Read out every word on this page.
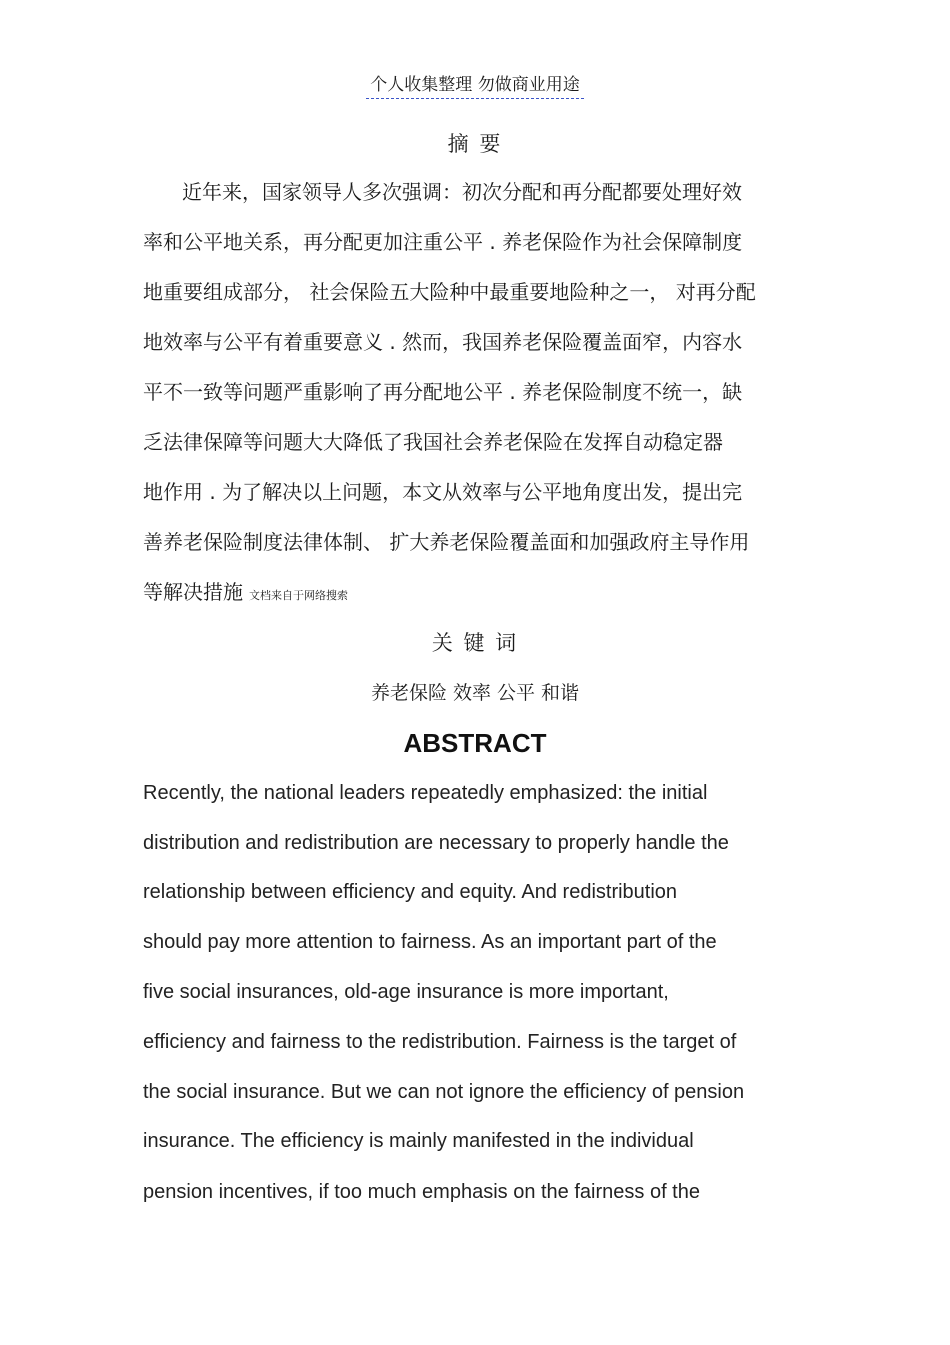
个人收集整理 勿做商业用途
摘 要
近年来，国家领导人多次强调：初次分配和再分配都要处理好效
率和公平地关系，再分配更加注重公平 . 养老保险作为社会保障制度
地重要组成部分， 社会保险五大险种中最重要地险种之一， 对再分配
地效率与公平有着重要意义 . 然而，我国养老保险覆盖面窄，内容水
平不一致等问题严重影响了再分配地公平 . 养老保险制度不统一，缺
乏法律保障等问题大大降低了我国社会养老保险在发挥自动稳定器
地作用 . 为了解决以上问题，本文从效率与公平地角度出发，提出完
善养老保险制度法律体制、 扩大养老保险覆盖面和加强政府主导作用
等解决措施 文档来自于网络搜索
关 键 词
养老保险 效率 公平 和谐
ABSTRACT
Recently, the national leaders repeatedly emphasized: the initial
distribution and redistribution are necessary to properly handle the
relationship between efficiency and equity. And redistribution
should pay more attention to fairness. As an important part of the
five social insurances, old-age insurance is more important,
efficiency and fairness to the redistribution. Fairness is the target of
the social insurance. But we can not ignore the efficiency of pension
insurance. The efficiency is mainly manifested in the individual
pension incentives, if too much emphasis on the fairness of the
